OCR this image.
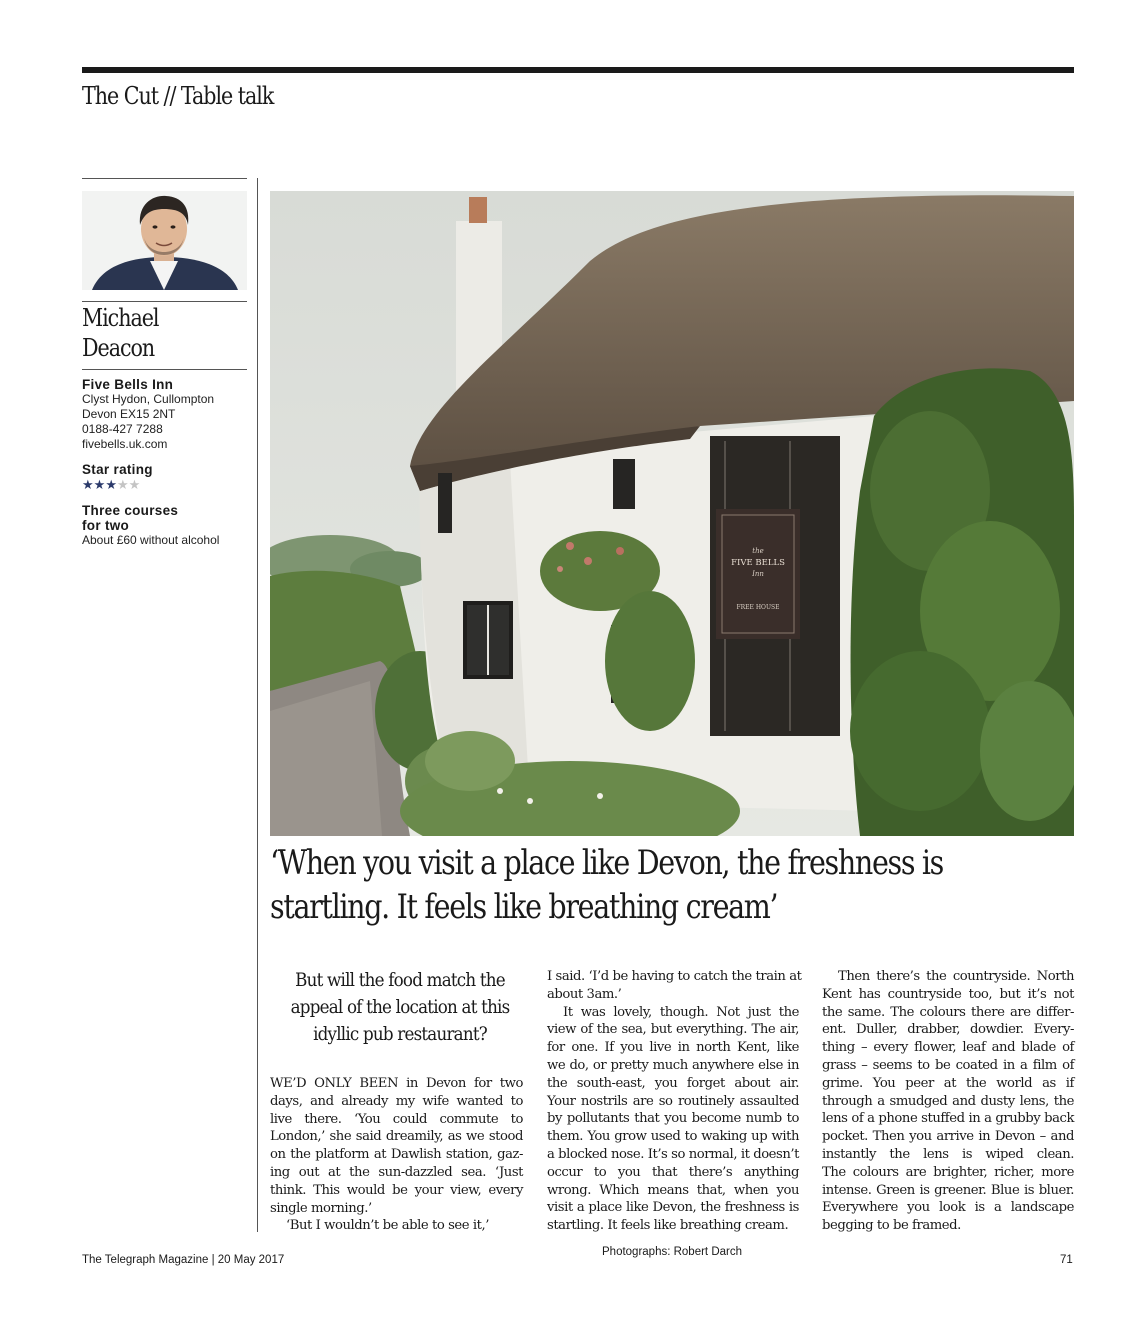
The Cut // Table talk
Michael
Deacon
Five Bells Inn
Clyst Hydon, Cullompton
Devon EX15 2NT
0188-427 7288
fivebells.uk.com
Star rating
★★★★★
Three courses
for two
About £60 without alcohol
the
FIVE BELLS
Inn
FREE HOUSE
‘When you visit a place like Devon, the freshness is
startling. It feels like breathing cream’
But will the food match the
appeal of the location at this
idyllic pub restaurant?
WE’D ONLY BEEN in Devon for two
days, and already my wife wanted to
live there. ‘You could commute to
London,’ she said dreamily, as we stood
on the platform at Dawlish station, gaz-
ing out at the sun-dazzled sea. ‘Just
think. This would be your view, every
single morning.’
‘But I wouldn’t be able to see it,’
I said. ‘I’d be having to catch the train at
about 3am.’
It was lovely, though. Not just the
view of the sea, but everything. The air,
for one. If you live in north Kent, like
we do, or pretty much anywhere else in
the south-east, you forget about air.
Your nostrils are so routinely assaulted
by pollutants that you become numb to
them. You grow used to waking up with
a blocked nose. It’s so normal, it doesn’t
occur to you that there’s anything
wrong. Which means that, when you
visit a place like Devon, the freshness is
startling. It feels like breathing cream.
Then there’s the countryside. North
Kent has countryside too, but it’s not
the same. The colours there are differ-
ent. Duller, drabber, dowdier. Every-
thing – every flower, leaf and blade of
grass – seems to be coated in a film of
grime. You peer at the world as if
through a smudged and dusty lens, the
lens of a phone stuffed in a grubby back
pocket. Then you arrive in Devon – and
instantly the lens is wiped clean.
The colours are brighter, richer, more
intense. Green is greener. Blue is bluer.
Everywhere you look is a landscape
begging to be framed.
Photographs: Robert Darch
The Telegraph Magazine | 20 May 2017	71
